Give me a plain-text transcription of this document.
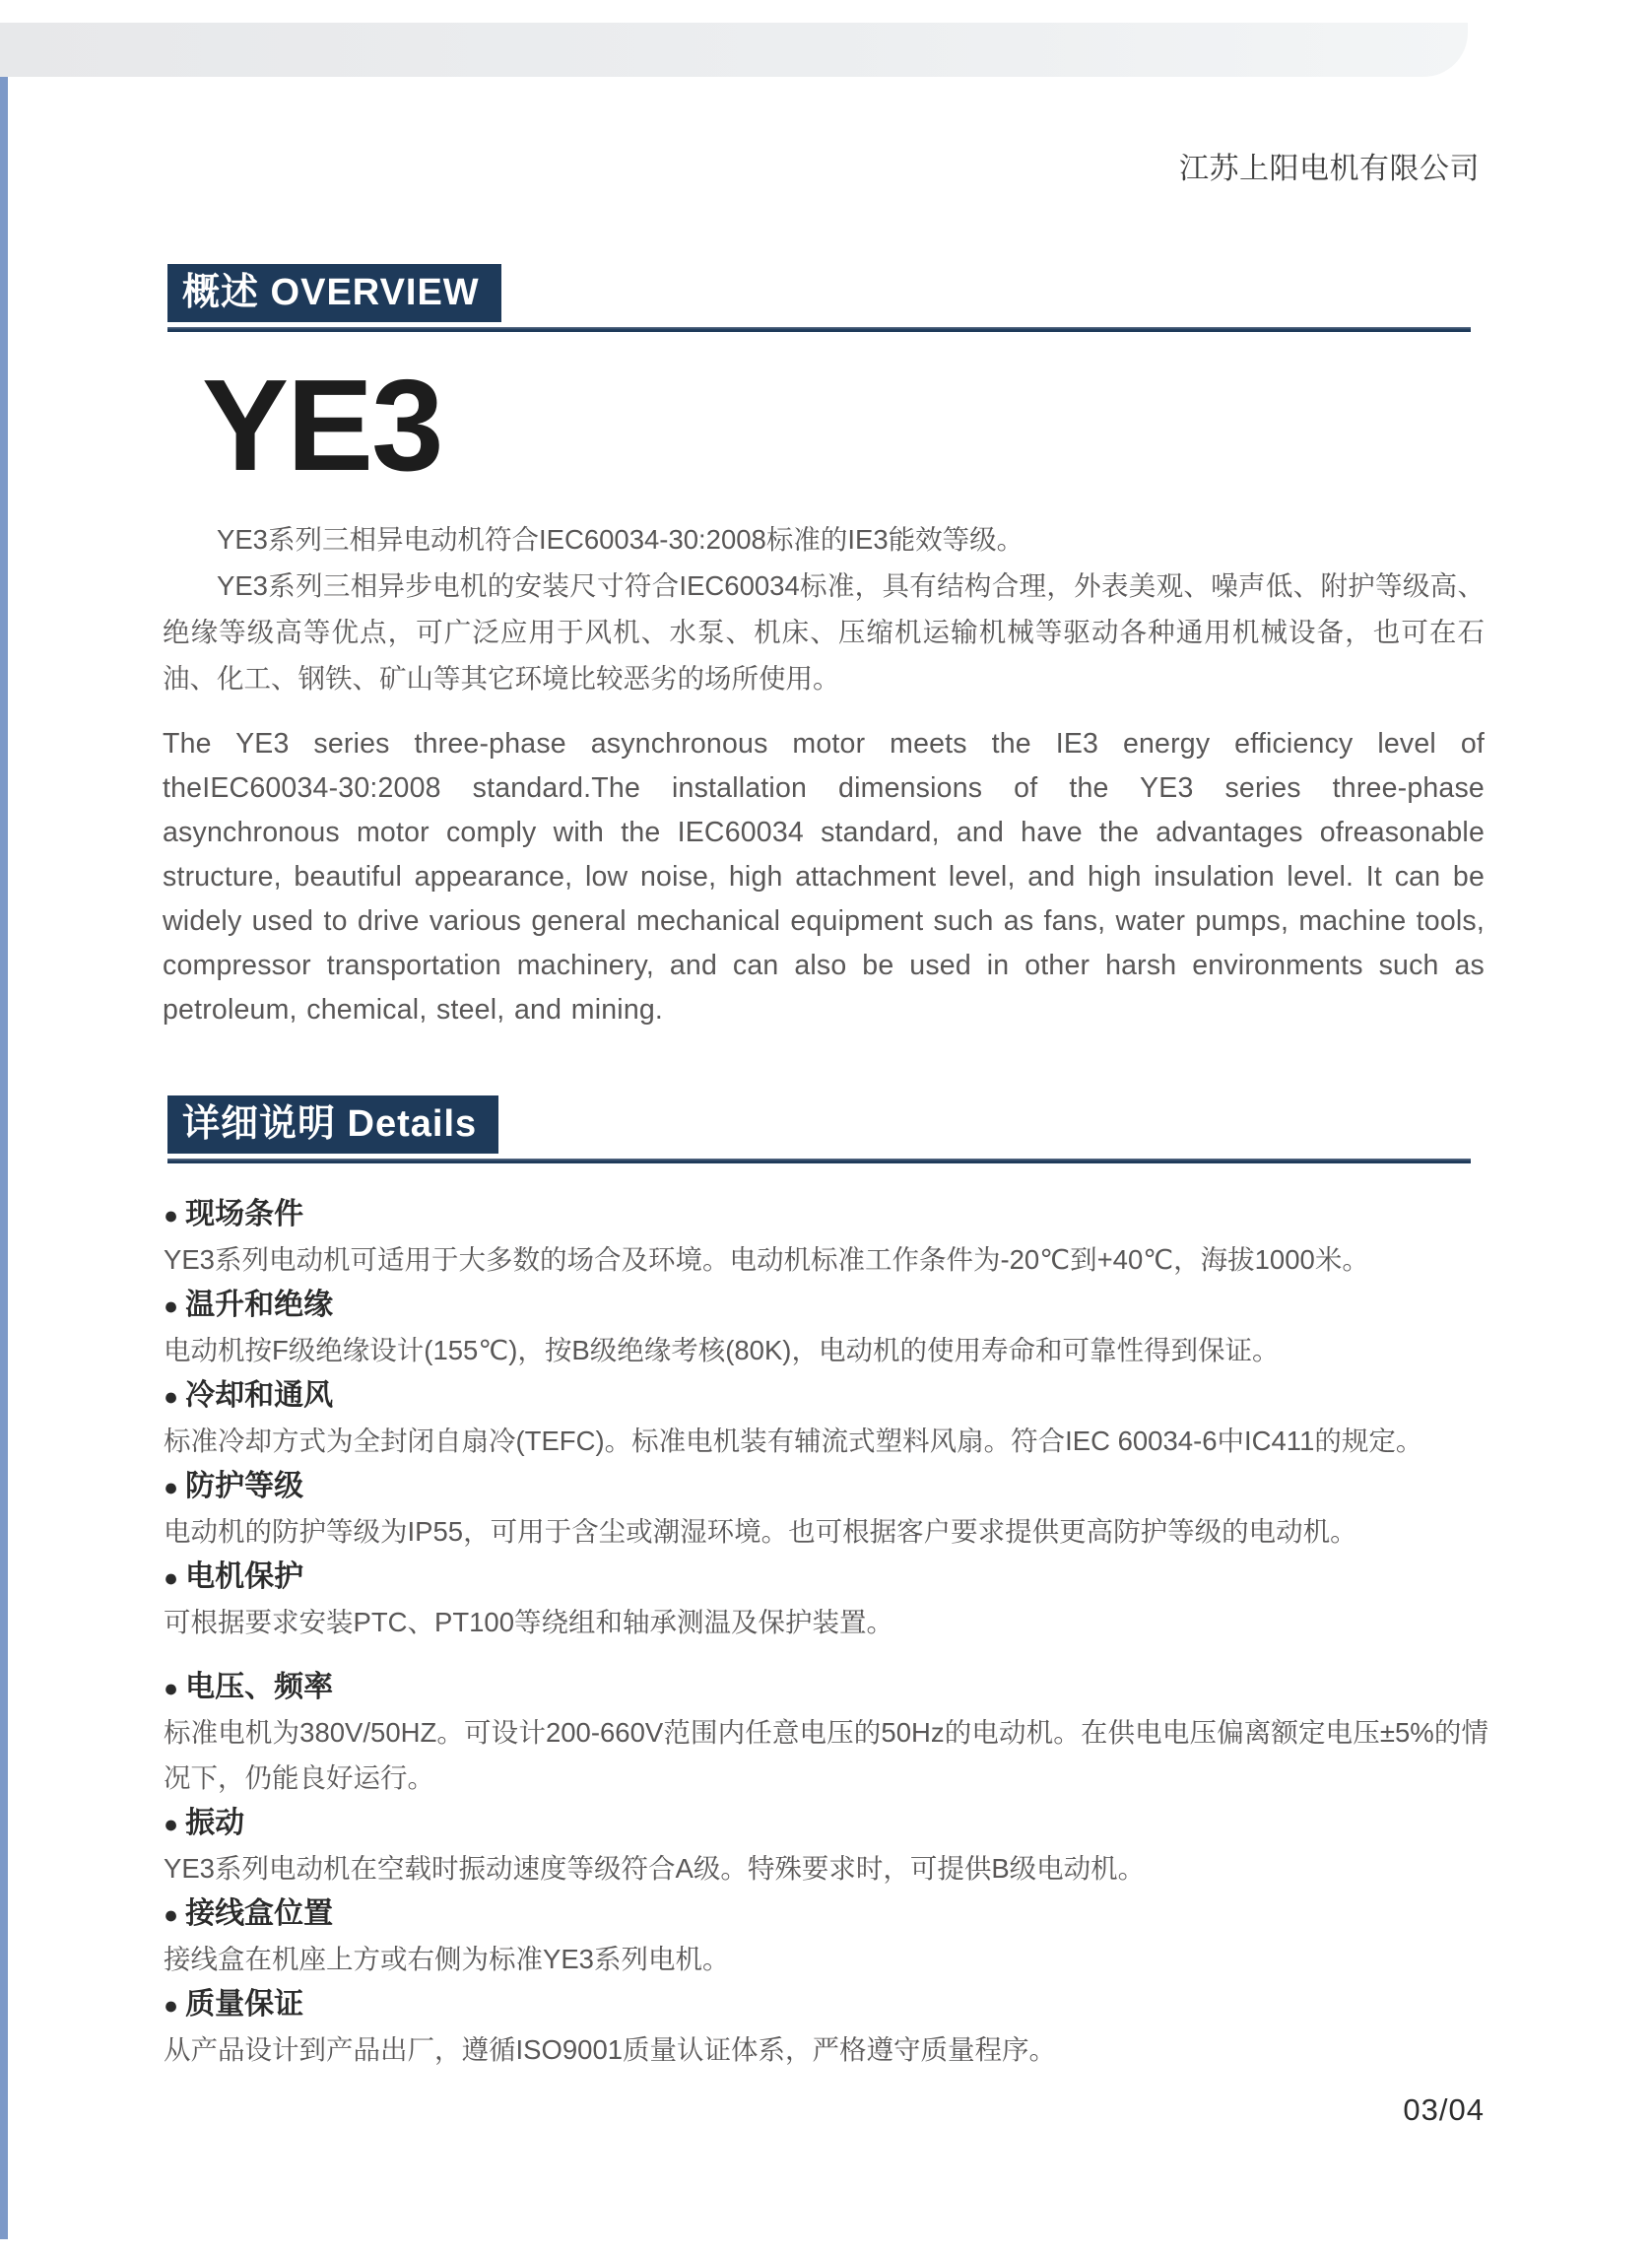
江苏上阳电机有限公司
概述 OVERVIEW
YE3

YE3系列三相异电动机符合IEC60034-30:2008标准的IE3能效等级。

YE3系列三相异步电机的安装尺寸符合IEC60034标准，具有结构合理，外表美观、噪声低、附护等级高、绝缘等级高等优点，可广泛应用于风机、水泵、机床、压缩机运输机械等驱动各种通用机械设备，也可在石油、化工、钢铁、矿山等其它环境比较恶劣的场所使用。

The YE3 series three-phase asynchronous motor meets the IE3 energy efficiency level of theIEC60034-30:2008 standard.The installation dimensions of the YE3 series three-phase asynchronous motor comply with the IEC60034 standard, and have the advantages ofreasonable structure, beautiful appearance, low noise, high attachment level, and high insulation level. It can be widely used to drive various general mechanical equipment such as fans, water pumps, machine tools, compressor transportation machinery, and can also be used in other harsh environments such as petroleum, chemical, steel, and mining.
详细说明 Details
● 现场条件
YE3系列电动机可适用于大多数的场合及环境。电动机标准工作条件为-20℃到+40℃，海拔1000米。
● 温升和绝缘
电动机按F级绝缘设计(155℃)，按B级绝缘考核(80K)，电动机的使用寿命和可靠性得到保证。
● 冷却和通风
标准冷却方式为全封闭自扇冷(TEFC)。标准电机装有辅流式塑料风扇。符合IEC 60034-6中IC411的规定。
● 防护等级
电动机的防护等级为IP55，可用于含尘或潮湿环境。也可根据客户要求提供更高防护等级的电动机。
● 电机保护
可根据要求安装PTC、PT100等绕组和轴承测温及保护装置。
● 电压、频率
标准电机为380V/50HZ。可设计200-660V范围内任意电压的50Hz的电动机。在供电电压偏离额定电压±5%的情况下，仍能良好运行。
● 振动
YE3系列电动机在空载时振动速度等级符合A级。特殊要求时，可提供B级电动机。
● 接线盒位置
接线盒在机座上方或右侧为标准YE3系列电机。
● 质量保证
从产品设计到产品出厂，遵循ISO9001质量认证体系，严格遵守质量程序。
03/04
